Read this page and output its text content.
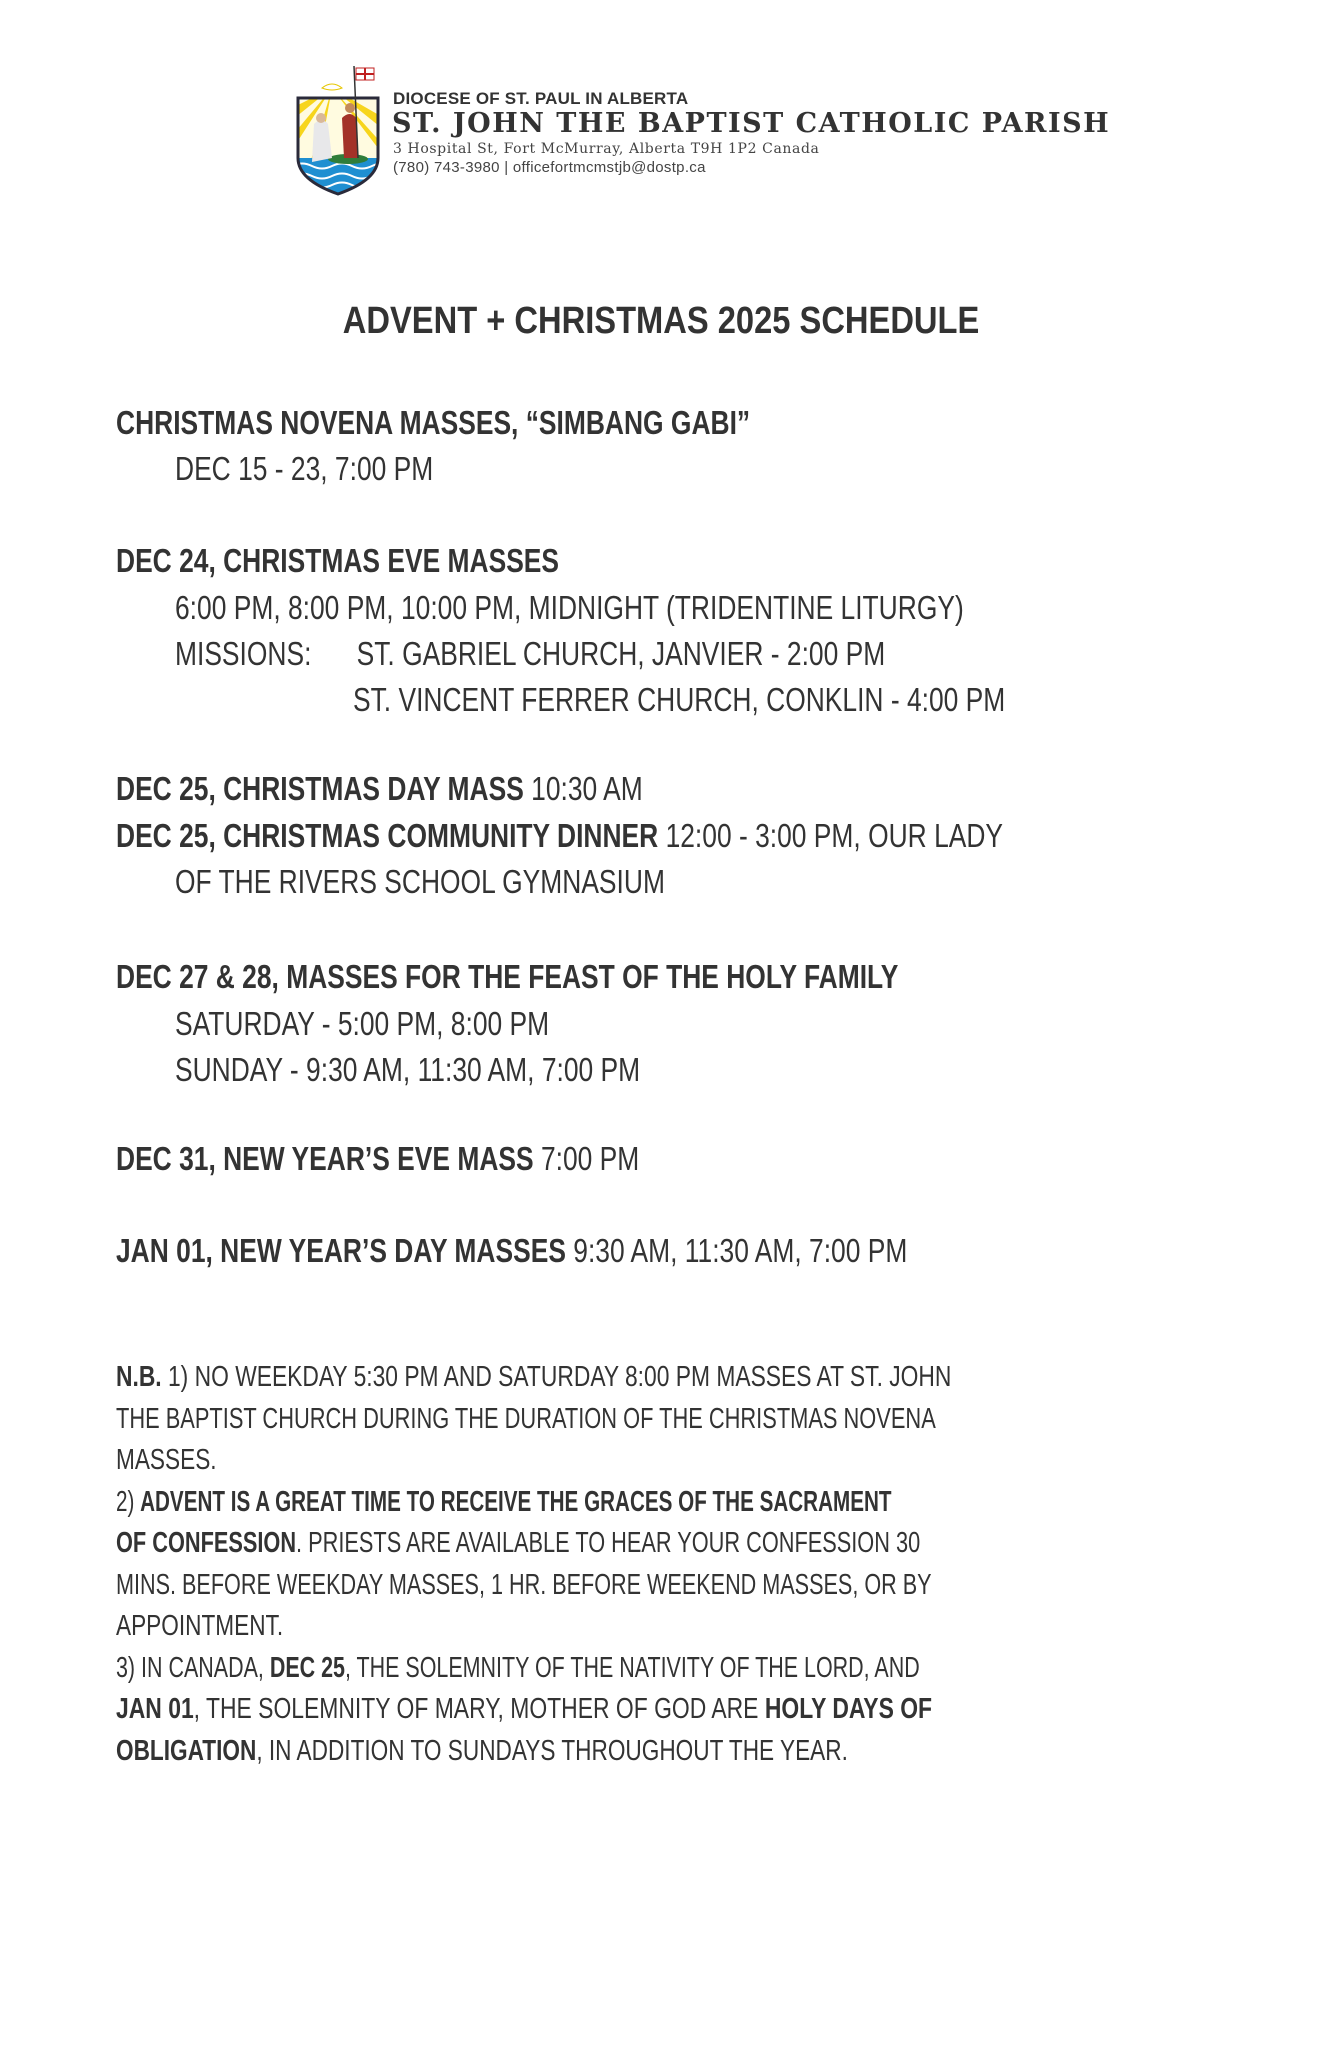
DIOCESE OF ST. PAUL IN ALBERTA
ST. JOHN THE BAPTIST CATHOLIC PARISH
3 Hospital St, Fort McMurray, Alberta T9H 1P2 Canada
(780) 743-3980 | officefortmcmstjb@dostp.ca
ADVENT + CHRISTMAS 2025 SCHEDULE
CHRISTMAS NOVENA MASSES, “SIMBANG GABI”
DEC 15 - 23, 7:00 PM
DEC 24, CHRISTMAS EVE MASSES
6:00 PM, 8:00 PM, 10:00 PM, MIDNIGHT (TRIDENTINE LITURGY)
MISSIONS: ST. GABRIEL CHURCH, JANVIER - 2:00 PM
ST. VINCENT FERRER CHURCH, CONKLIN - 4:00 PM
DEC 25, CHRISTMAS DAY MASS 10:30 AM
DEC 25, CHRISTMAS COMMUNITY DINNER 12:00 - 3:00 PM, OUR LADY
OF THE RIVERS SCHOOL GYMNASIUM
DEC 27 & 28, MASSES FOR THE FEAST OF THE HOLY FAMILY
SATURDAY - 5:00 PM, 8:00 PM
SUNDAY - 9:30 AM, 11:30 AM, 7:00 PM
DEC 31, NEW YEAR’S EVE MASS 7:00 PM
JAN 01, NEW YEAR’S DAY MASSES 9:30 AM, 11:30 AM, 7:00 PM
N.B. 1) NO WEEKDAY 5:30 PM AND SATURDAY 8:00 PM MASSES AT ST. JOHN
THE BAPTIST CHURCH DURING THE DURATION OF THE CHRISTMAS NOVENA
MASSES.
2) ADVENT IS A GREAT TIME TO RECEIVE THE GRACES OF THE SACRAMENT
OF CONFESSION. PRIESTS ARE AVAILABLE TO HEAR YOUR CONFESSION 30
MINS. BEFORE WEEKDAY MASSES, 1 HR. BEFORE WEEKEND MASSES, OR BY
APPOINTMENT.
3) IN CANADA, DEC 25, THE SOLEMNITY OF THE NATIVITY OF THE LORD, AND
JAN 01, THE SOLEMNITY OF MARY, MOTHER OF GOD ARE HOLY DAYS OF
OBLIGATION, IN ADDITION TO SUNDAYS THROUGHOUT THE YEAR.
